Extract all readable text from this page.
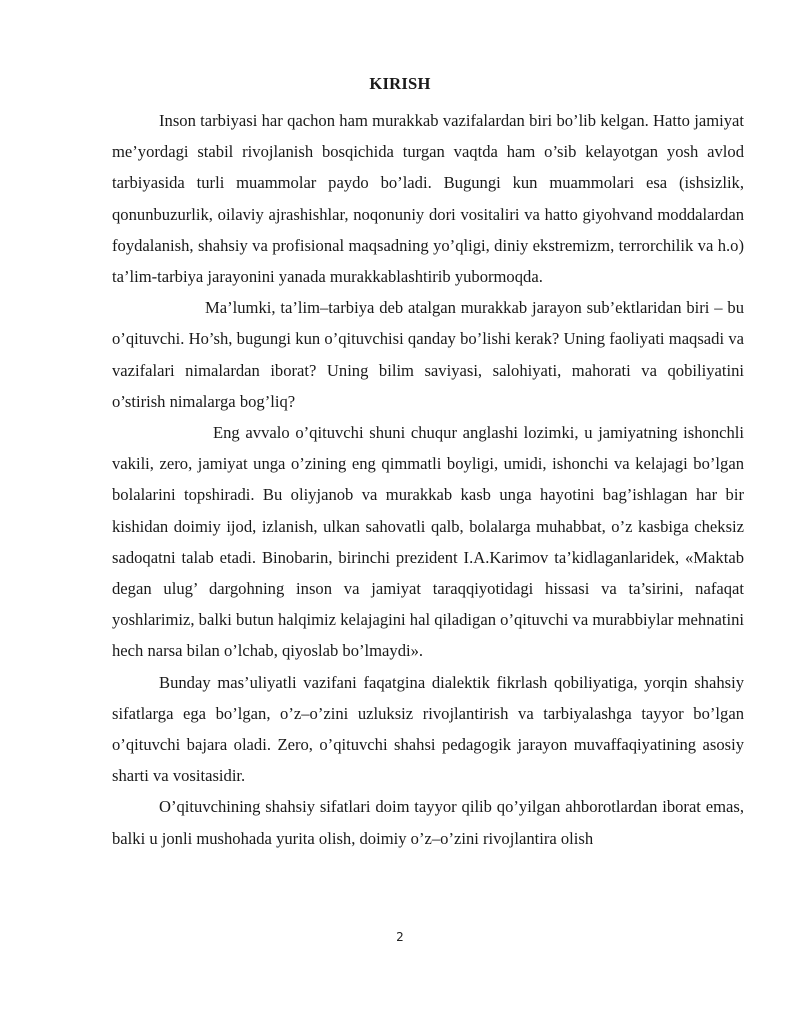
KIRISH

Inson tarbiyasi har qachon ham murakkab vazifalardan biri bo’lib kelgan. Hatto jamiyat me’yordagi stabil rivojlanish bosqichida turgan vaqtda ham o’sib kelayotgan yosh avlod tarbiyasida turli muammolar paydo bo’ladi. Bugungi kun muammolari esa (ishsizlik, qonunbuzurlik, oilaviy ajrashishlar, noqonuniy dori vositaliri va hatto giyohvand moddalardan foydalanish, shahsiy va profisional maqsadning yo’qligi, diniy ekstremizm, terrorchilik va h.o) ta’lim-tarbiya jarayonini yanada murakkablashtirib yubormoqda.

Ma’lumki, ta’lim–tarbiya deb atalgan murakkab jarayon sub’ektlaridan biri – bu o’qituvchi. Ho’sh, bugungi kun o’qituvchisi qanday bo’lishi kerak? Uning faoliyati maqsadi va vazifalari nimalardan iborat? Uning bilim saviyasi, salohiyati, mahorati va qobiliyatini o’stirish nimalarga bog’liq?

Eng avvalo o’qituvchi shuni chuqur anglashi lozimki, u jamiyatning ishonchli vakili, zero, jamiyat unga o’zining eng qimmatli boyligi, umidi, ishonchi va kelajagi bo’lgan bolalarini topshiradi. Bu oliyjanob va murakkab kasb unga hayotini bag’ishlagan har bir kishidan doimiy ijod, izlanish, ulkan sahovatli qalb, bolalarga muhabbat, o’z kasbiga cheksiz sadoqatni talab etadi. Binobarin, birinchi prezident I.A.Karimov ta’kidlaganlaridek, «Maktab degan ulug’ dargohning inson va jamiyat taraqqiyotidagi hissasi va ta’sirini, nafaqat yoshlarimiz, balki butun halqimiz kelajagini hal qiladigan o’qituvchi va murabbiylar mehnatini hech narsa bilan o’lchab, qiyoslab bo’lmaydi».

Bunday mas’uliyatli vazifani faqatgina dialektik fikrlash qobiliyatiga, yorqin shahsiy sifatlarga ega bo’lgan, o’z–o’zini uzluksiz rivojlantirish va tarbiyalashga tayyor bo’lgan o’qituvchi bajara oladi. Zero, o’qituvchi shahsi pedagogik jarayon muvaffaqiyatining asosiy sharti va vositasidir.

O’qituvchining shahsiy sifatlari doim tayyor qilib qo’yilgan ahborotlardan iborat emas, balki u jonli mushohada yurita olish, doimiy o’z–o’zini rivojlantira olish

2
